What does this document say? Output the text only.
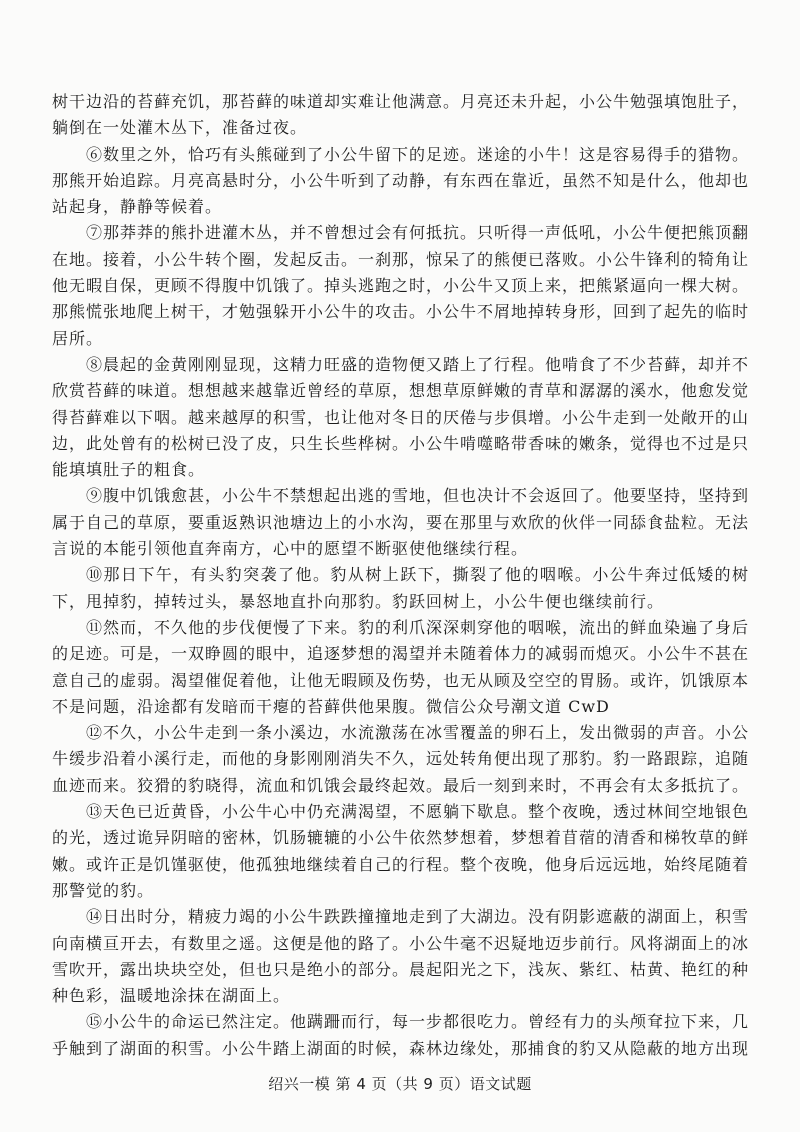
树干边沿的苔藓充饥，那苔藓的味道却实难让他满意。月亮还未升起，小公牛勉强填饱肚子，躺倒在一处灌木丛下，准备过夜。

⑥数里之外，恰巧有头熊碰到了小公牛留下的足迹。迷途的小牛！这是容易得手的猎物。那熊开始追踪。月亮高悬时分，小公牛听到了动静，有东西在靠近，虽然不知是什么，他却也站起身，静静等候着。

⑦那莽莽的熊扑进灌木丛，并不曾想过会有何抵抗。只听得一声低吼，小公牛便把熊顶翻在地。接着，小公牛转个圈，发起反击。一刹那，惊呆了的熊便已落败。小公牛锋利的犄角让他无暇自保，更顾不得腹中饥饿了。掉头逃跑之时，小公牛又顶上来，把熊紧逼向一棵大树。那熊慌张地爬上树干，才勉强躲开小公牛的攻击。小公牛不屑地掉转身形，回到了起先的临时居所。

⑧晨起的金黄刚刚显现，这精力旺盛的造物便又踏上了行程。他啃食了不少苔藓，却并不欣赏苔藓的味道。想想越来越靠近曾经的草原，想想草原鲜嫩的青草和潺潺的溪水，他愈发觉得苔藓难以下咽。越来越厚的积雪，也让他对冬日的厌倦与步俱增。小公牛走到一处敞开的山边，此处曾有的松树已没了皮，只生长些桦树。小公牛啃噬略带香味的嫩条，觉得也不过是只能填填肚子的粗食。

⑨腹中饥饿愈甚，小公牛不禁想起出逃的雪地，但也决计不会返回了。他要坚持，坚持到属于自己的草原，要重返熟识池塘边上的小水沟，要在那里与欢欣的伙伴一同舔食盐粒。无法言说的本能引领他直奔南方，心中的愿望不断驱使他继续行程。

⑩那日下午，有头豹突袭了他。豹从树上跃下，撕裂了他的咽喉。小公牛奔过低矮的树下，甩掉豹，掉转过头，暴怒地直扑向那豹。豹跃回树上，小公牛便也继续前行。

⑪然而，不久他的步伐便慢了下来。豹的利爪深深刺穿他的咽喉，流出的鲜血染遍了身后的足迹。可是，一双睁圆的眼中，追逐梦想的渴望并未随着体力的减弱而熄灭。小公牛不甚在意自己的虚弱。渴望催促着他，让他无暇顾及伤势，也无从顾及空空的胃肠。或许，饥饿原本不是问题，沿途都有发暗而干瘪的苔藓供他果腹。微信公众号潮文道 CwD

⑫不久，小公牛走到一条小溪边，水流激荡在冰雪覆盖的卵石上，发出微弱的声音。小公牛缓步沿着小溪行走，而他的身影刚刚消失不久，远处转角便出现了那豹。豹一路跟踪，追随血迹而来。狡猾的豹晓得，流血和饥饿会最终起效。最后一刻到来时，不再会有太多抵抗了。

⑬天色已近黄昏，小公牛心中仍充满渴望，不愿躺下歇息。整个夜晚，透过林间空地银色的光，透过诡异阴暗的密林，饥肠辘辘的小公牛依然梦想着，梦想着苜蓿的清香和梯牧草的鲜嫩。或许正是饥馑驱使，他孤独地继续着自己的行程。整个夜晚，他身后远远地，始终尾随着那警觉的豹。

⑭日出时分，精疲力竭的小公牛跌跌撞撞地走到了大湖边。没有阴影遮蔽的湖面上，积雪向南横亘开去，有数里之遥。这便是他的路了。小公牛毫不迟疑地迈步前行。风将湖面上的冰雪吹开，露出块块空处，但也只是绝小的部分。晨起阳光之下，浅灰、紫红、枯黄、艳红的种种色彩，温暖地涂抹在湖面上。

⑮小公牛的命运已然注定。他蹒跚而行，每一步都很吃力。曾经有力的头颅耷拉下来，几乎触到了湖面的积雪。小公牛踏上湖面的时候，森林边缘处，那捕食的豹又从隐蔽的地方出现

绍兴一模 第 4 页（共 9 页）语文试题
